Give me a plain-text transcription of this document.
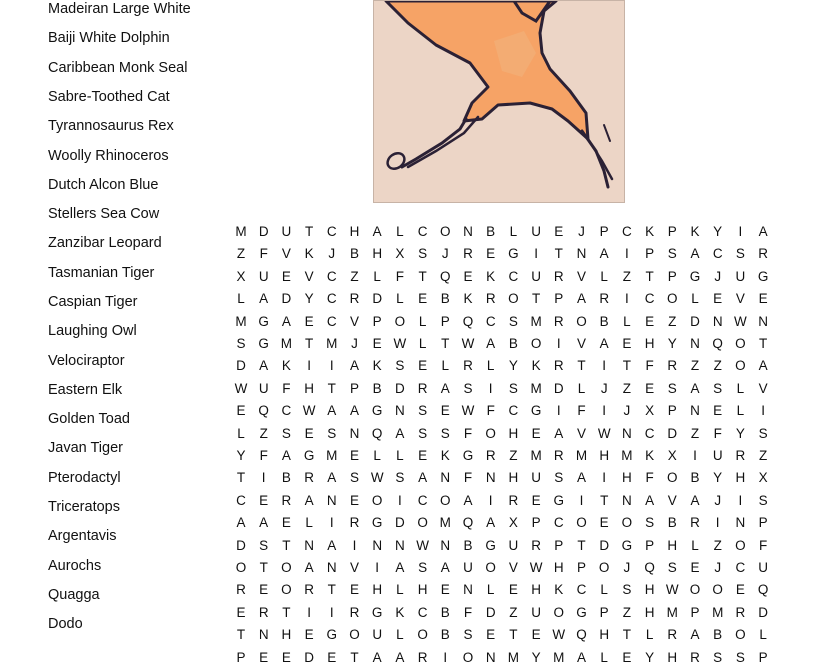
Madeiran Large White
Baiji White Dolphin
Caribbean Monk Seal
Sabre-Toothed Cat
Tyrannosaurus Rex
Woolly Rhinoceros
Dutch Alcon Blue
Stellers Sea Cow
Zanzibar Leopard
Tasmanian Tiger
Caspian Tiger
Laughing Owl
Velociraptor
Eastern Elk
Golden Toad
Javan Tiger
Pterodactyl
Triceratops
Argentavis
Aurochs
Quagga
Dodo
M D U T C H A L C O N B L U E J P C K P K Y	I	A
Z F V K J B H X S J R E G	I	T N A	I	P S A C S R
X U E V C Z L F T Q E K C U R V L Z T P G J U G
L A D Y C R D L E B K R O T P A R	I	C O L E V E
M G A E C V P O L P Q C S M R O B L E Z D N W N
S G M T M J E W L T W A B O	I	V A E H Y N Q O T
D A K	I	I	A K S E L R L Y K R T	I	T F R Z Z O A
W U F H T P B D R A S	I	S M D L J Z E S A S L V
E Q C W A A G N S E W F C G	I	F	I	J X P N E L	I
L Z S E S N Q A S S F O H E A V W N C D Z F Y S
Y F A G M E L L E K G R Z M R M H M K X	I	U R Z
T	I	B R A S W S A N F N H U S A	I	H F O B Y H X
C E R A N E O	I	C O A	I	R E G	I	T N A V A J	I	S
A A E L	I	R G D O M Q A X P C O E O S B R	I	N P
D S T N A	I	N N W N B G U R P T D G P H L Z O F
O T O A N V	I	A S A U O V W H P O J Q S E J C U
R E O R T E H L H E N L E H K C L S H W O O E Q
E R T	I	I	R G K C B F D Z U O G P Z H M P M R D
T N H E G O U L O B S E T E W Q H T L R A B O L
P E E D E T A A R	I	O N M Y M A L E Y H R S S P
